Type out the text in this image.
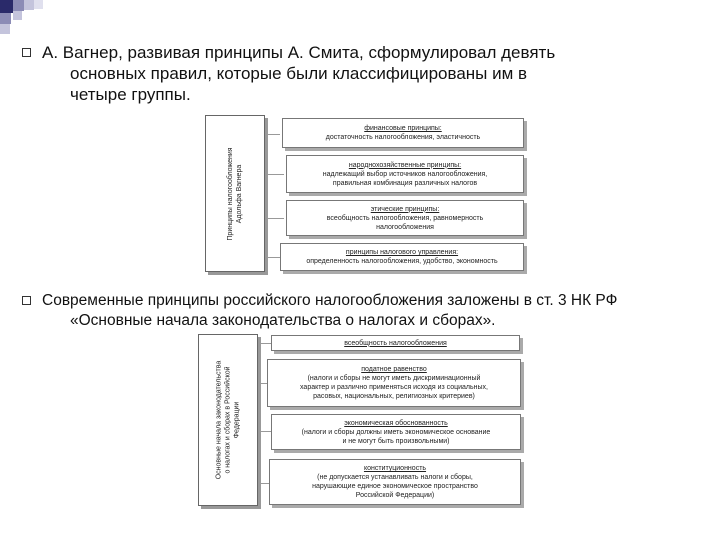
А. Вагнер, развивая принципы А. Смита, сформулировал девять
основных правил, которые были классифицированы им в
четыре группы.
Принципы налогообложения Адольфа Вагнера
финансовые принципы:
достаточность налогообложения, эластичность
народнохозяйственные принципы:
надлежащий выбор источников налогообложения,
правильная комбинация различных налогов
этические принципы:
всеобщность налогообложения, равномерность
налогообложения
принципы налогового управления:
определенность налогообложения, удобство, экономность
Современные принципы российского налогообложения заложены в ст. 3 НК РФ
«Основные начала законодательства о налогах и сборах».
Основные начала законодательства о налогах и сборах в Российской Федерации
всеобщность налогообложения
податное равенство
(налоги и сборы не могут иметь дискриминационный
характер и различно применяться исходя из социальных,
расовых, национальных, религиозных критериев)
экономическая обоснованность
(налоги и сборы должны иметь экономическое основание
и не могут быть произвольными)
конституционность
(не допускается устанавливать налоги и сборы,
нарушающие единое экономическое пространство
Российской Федерации)
